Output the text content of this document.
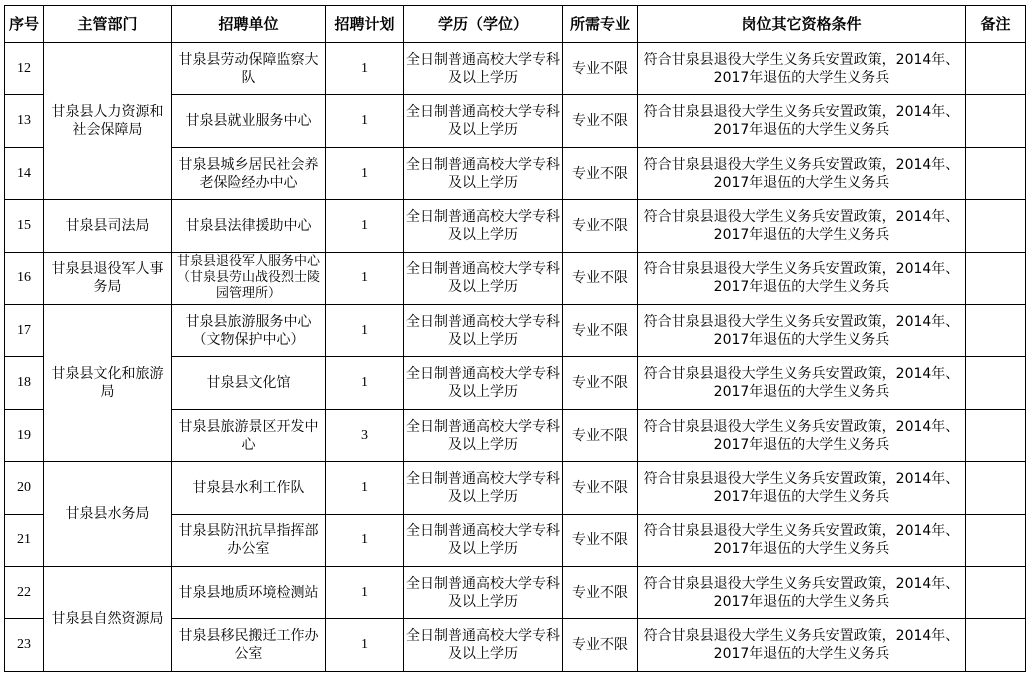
序号	主管部门	招聘单位	招聘计划	学历（学位）	所需专业	岗位其它资格条件	备注
12	甘泉县人力资源和社会保障局	甘泉县劳动保障监察大队	1	全日制普通高校大学专科及以上学历	专业不限	符合甘泉县退役大学生义务兵安置政策，2014年、2017年退伍的大学生义务兵	
13		甘泉县就业服务中心	1	全日制普通高校大学专科及以上学历	专业不限	符合甘泉县退役大学生义务兵安置政策，2014年、2017年退伍的大学生义务兵	
14		甘泉县城乡居民社会养老保险经办中心	1	全日制普通高校大学专科及以上学历	专业不限	符合甘泉县退役大学生义务兵安置政策，2014年、2017年退伍的大学生义务兵	
15	甘泉县司法局	甘泉县法律援助中心	1	全日制普通高校大学专科及以上学历	专业不限	符合甘泉县退役大学生义务兵安置政策，2014年、2017年退伍的大学生义务兵	
16	甘泉县退役军人事务局	甘泉县退役军人服务中心（甘泉县劳山战役烈士陵园管理所）	1	全日制普通高校大学专科及以上学历	专业不限	符合甘泉县退役大学生义务兵安置政策，2014年、2017年退伍的大学生义务兵	
17	甘泉县文化和旅游局	甘泉县旅游服务中心（文物保护中心）	1	全日制普通高校大学专科及以上学历	专业不限	符合甘泉县退役大学生义务兵安置政策，2014年、2017年退伍的大学生义务兵	
18		甘泉县文化馆	1	全日制普通高校大学专科及以上学历	专业不限	符合甘泉县退役大学生义务兵安置政策，2014年、2017年退伍的大学生义务兵	
19		甘泉县旅游景区开发中心	3	全日制普通高校大学专科及以上学历	专业不限	符合甘泉县退役大学生义务兵安置政策，2014年、2017年退伍的大学生义务兵	
20	甘泉县水务局	甘泉县水利工作队	1	全日制普通高校大学专科及以上学历	专业不限	符合甘泉县退役大学生义务兵安置政策，2014年、2017年退伍的大学生义务兵	
21		甘泉县防汛抗旱指挥部办公室	1	全日制普通高校大学专科及以上学历	专业不限	符合甘泉县退役大学生义务兵安置政策，2014年、2017年退伍的大学生义务兵	
22	甘泉县自然资源局	甘泉县地质环境检测站	1	全日制普通高校大学专科及以上学历	专业不限	符合甘泉县退役大学生义务兵安置政策，2014年、2017年退伍的大学生义务兵	
23		甘泉县移民搬迁工作办公室	1	全日制普通高校大学专科及以上学历	专业不限	符合甘泉县退役大学生义务兵安置政策，2014年、2017年退伍的大学生义务兵	
